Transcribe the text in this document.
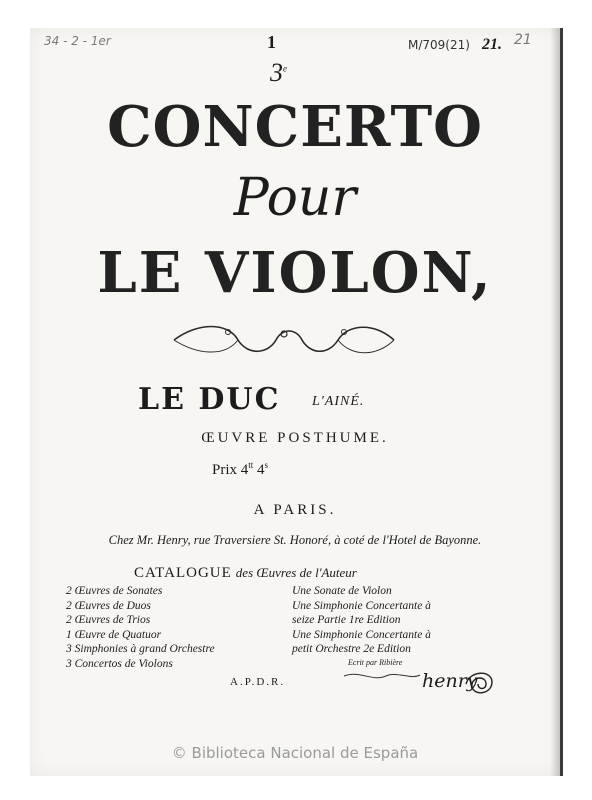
34 - 2 - 1er	1	M/709(21) 21. 21
3e
CONCERTO
Pour
LE VIOLON,
LE DUC L'AINÉ.
ŒUVRE POSTHUME.
Prix $4^{tt}$ 4$^s$
A PARIS.
Chez Mr. Henry, rue Traversiere St. Honoré, à coté de l'Hotel de Bayonne.
CATALOGUE des Œuvres de l'Auteur
2 Œuvres de Sonates
2 Œuvres de Duos
2 Œuvres de Trios
1 Œuvre de Quatuor
3 Simphonies à grand Orchestre
3 Concertos de Violons
Une Sonate de Violon
Une Simphonie Concertante à
seize Partie 1re Edition
Une Simphonie Concertante à
petit Orchestre 2e Edition
A.P.D.R.
Ecrit par Ribière
henry
© Biblioteca Nacional de España
